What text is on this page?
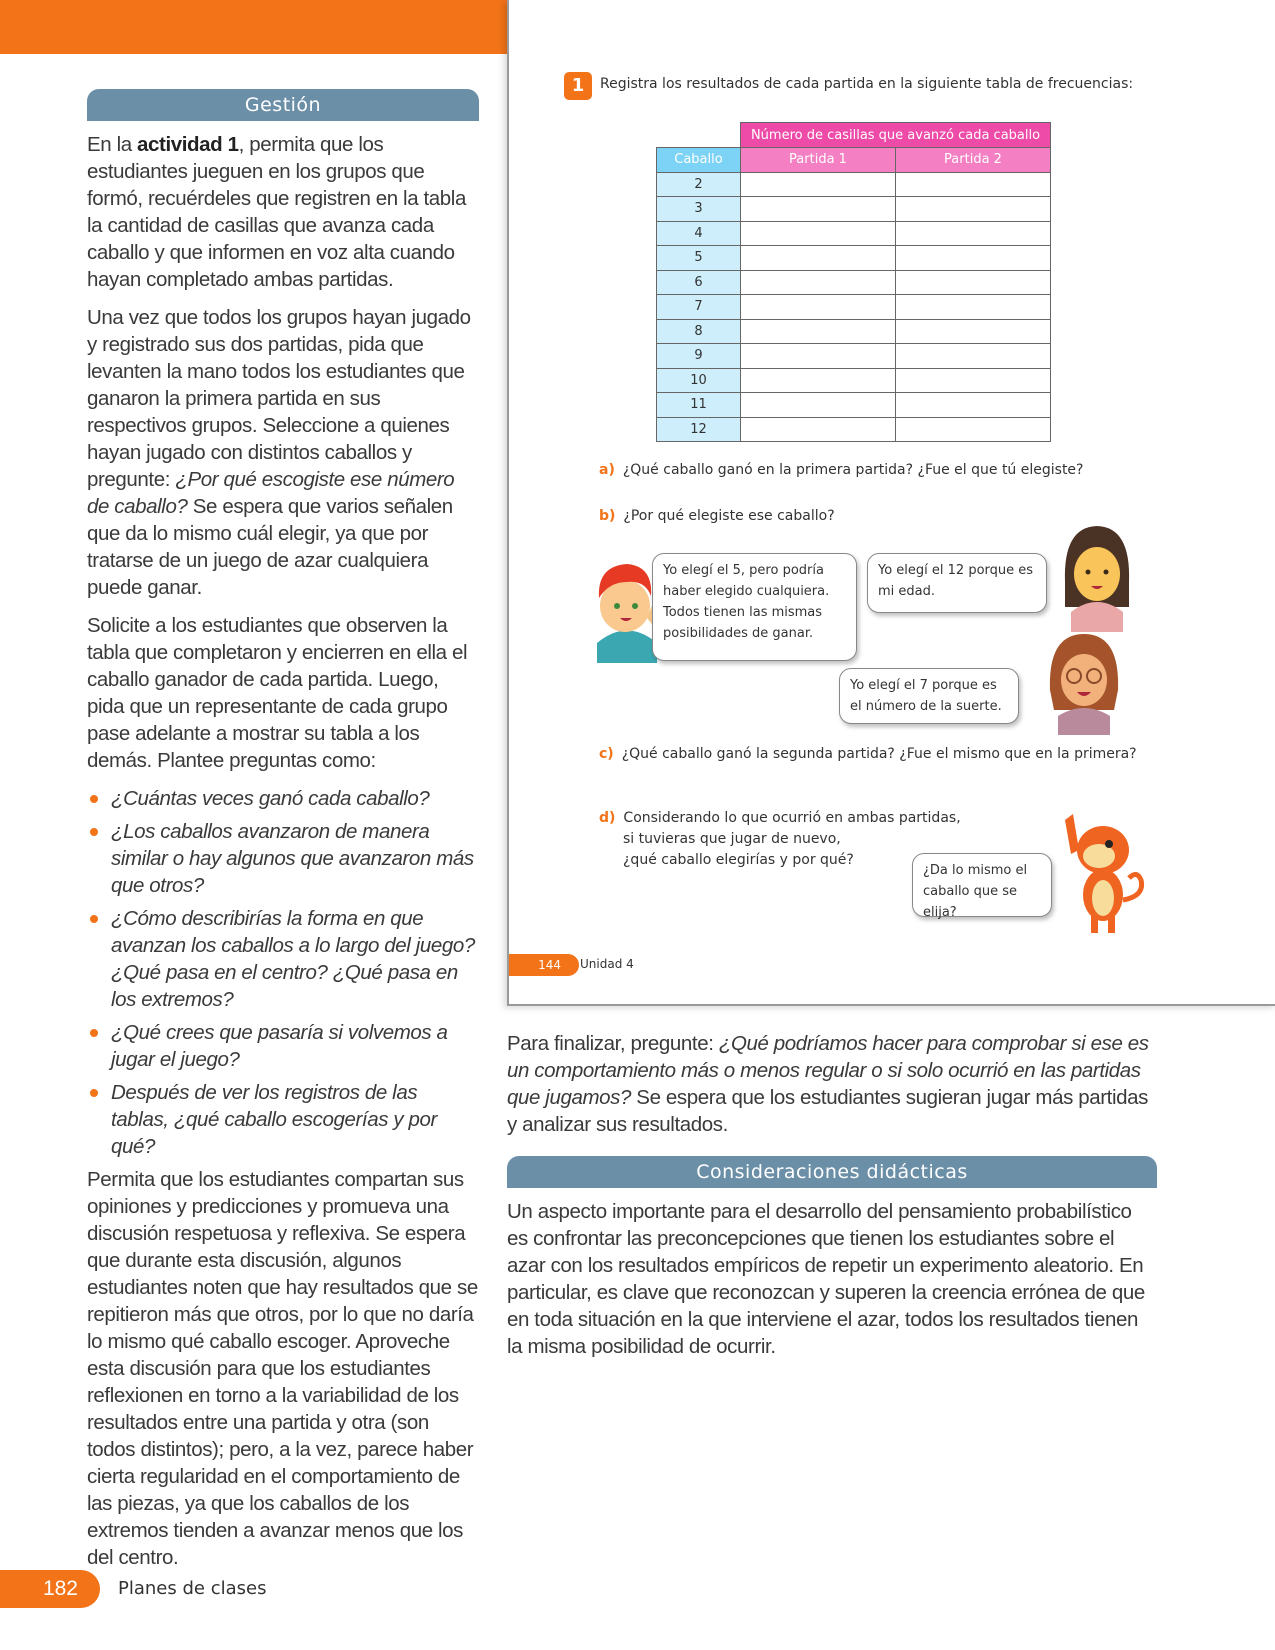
Gestión

En la actividad 1, permita que los estudiantes jueguen en los grupos que formó, recuérdeles que registren en la tabla la cantidad de casillas que avanza cada caballo y que informen en voz alta cuando hayan completado ambas partidas.

Una vez que todos los grupos hayan jugado y registrado sus dos partidas, pida que levanten la mano todos los estudiantes que ganaron la primera partida en sus respectivos grupos. Seleccione a quienes hayan jugado con distintos caballos y pregunte: ¿Por qué escogiste ese número de caballo? Se espera que varios señalen que da lo mismo cuál elegir, ya que por tratarse de un juego de azar cualquiera puede ganar.

Solicite a los estudiantes que observen la tabla que completaron y encierren en ella el caballo ganador de cada partida. Luego, pida que un representante de cada grupo pase adelante a mostrar su tabla a los demás. Plantee preguntas como:

¿Cuántas veces ganó cada caballo?
¿Los caballos avanzaron de manera similar o hay algunos que avanzaron más que otros?
¿Cómo describirías la forma en que avanzan los caballos a lo largo del juego? ¿Qué pasa en el centro? ¿Qué pasa en los extremos?
¿Qué crees que pasaría si volvemos a jugar el juego?
Después de ver los registros de las tablas, ¿qué caballo escogerías y por qué?

Permita que los estudiantes compartan sus opiniones y predicciones y promueva una discusión respetuosa y reflexiva. Se espera que durante esta discusión, algunos estudiantes noten que hay resultados que se repitieron más que otros, por lo que no daría lo mismo qué caballo escoger. Aproveche esta discusión para que los estudiantes reflexionen en torno a la variabilidad de los resultados entre una partida y otra (son todos distintos); pero, a la vez, parece haber cierta regularidad en el comportamiento de las piezas, ya que los caballos de los extremos tienden a avanzar menos que los del centro.

1	Registra los resultados de cada partida en la siguiente tabla de frecuencias:
	Número de casillas que avanzó cada caballo	
Caballo	Partida 1	Partida 2
2		
3		
4		
5		
6		
7		
8		
9		
10		
11		
12		
a) ¿Qué caballo ganó en la primera partida? ¿Fue el que tú elegiste?
b) ¿Por qué elegiste ese caballo?
Yo elegí el 5, pero podría haber elegido cualquiera. Todos tienen las mismas posibilidades de ganar.
Yo elegí el 12 porque es mi edad.
Yo elegí el 7 porque es el número de la suerte.
c) ¿Qué caballo ganó la segunda partida? ¿Fue el mismo que en la primera?
d) Considerando lo que ocurrió en ambas partidas,
si tuvieras que jugar de nuevo,
¿qué caballo elegirías y por qué?
¿Da lo mismo el caballo que se elija?
144	Unidad 4

Para finalizar, pregunte: ¿Qué podríamos hacer para comprobar si ese es un comportamiento más o menos regular o si solo ocurrió en las partidas que jugamos? Se espera que los estudiantes sugieran jugar más partidas y analizar sus resultados.

Consideraciones didácticas

Un aspecto importante para el desarrollo del pensamiento probabilístico es confrontar las preconcepciones que tienen los estudiantes sobre el azar con los resultados empíricos de repetir un experimento aleatorio. En particular, es clave que reconozcan y superen la creencia errónea de que en toda situación en la que interviene el azar, todos los resultados tienen la misma posibilidad de ocurrir.

182	Planes de clases
